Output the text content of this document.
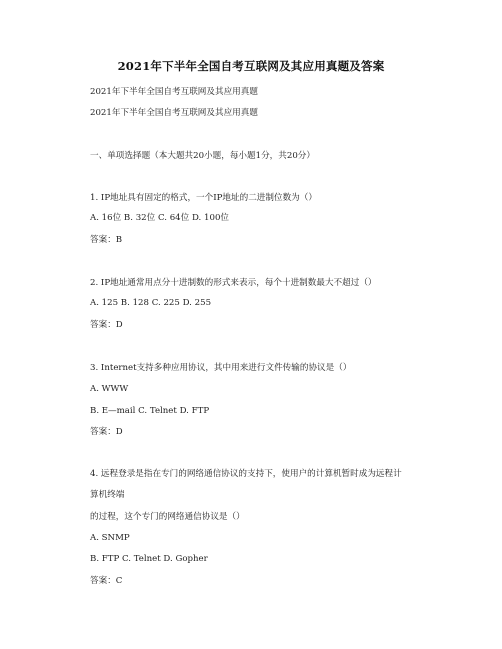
2021年下半年全国自考互联网及其应用真题及答案
2021年下半年全国自考互联网及其应用真题
2021年下半年全国自考互联网及其应用真题
一、单项选择题（本大题共20小题，每小题1分，共20分）
1. IP地址具有固定的格式，一个IP地址的二进制位数为（）
A. 16位 B. 32位 C. 64位 D. 100位
答案：B
2. IP地址通常用点分十进制数的形式来表示，每个十进制数最大不超过（）
A. 125 B. 128 C. 225 D. 255
答案：D
3. Internet支持多种应用协议，其中用来进行文件传输的协议是（）
A. WWW
B. E—mail C. Telnet D. FTP
答案：D
4. 远程登录是指在专门的网络通信协议的支持下，使用户的计算机暂时成为远程计
算机终端
的过程，这个专门的网络通信协议是（）
A. SNMP
B. FTP C. Telnet D. Gopher
答案：C
